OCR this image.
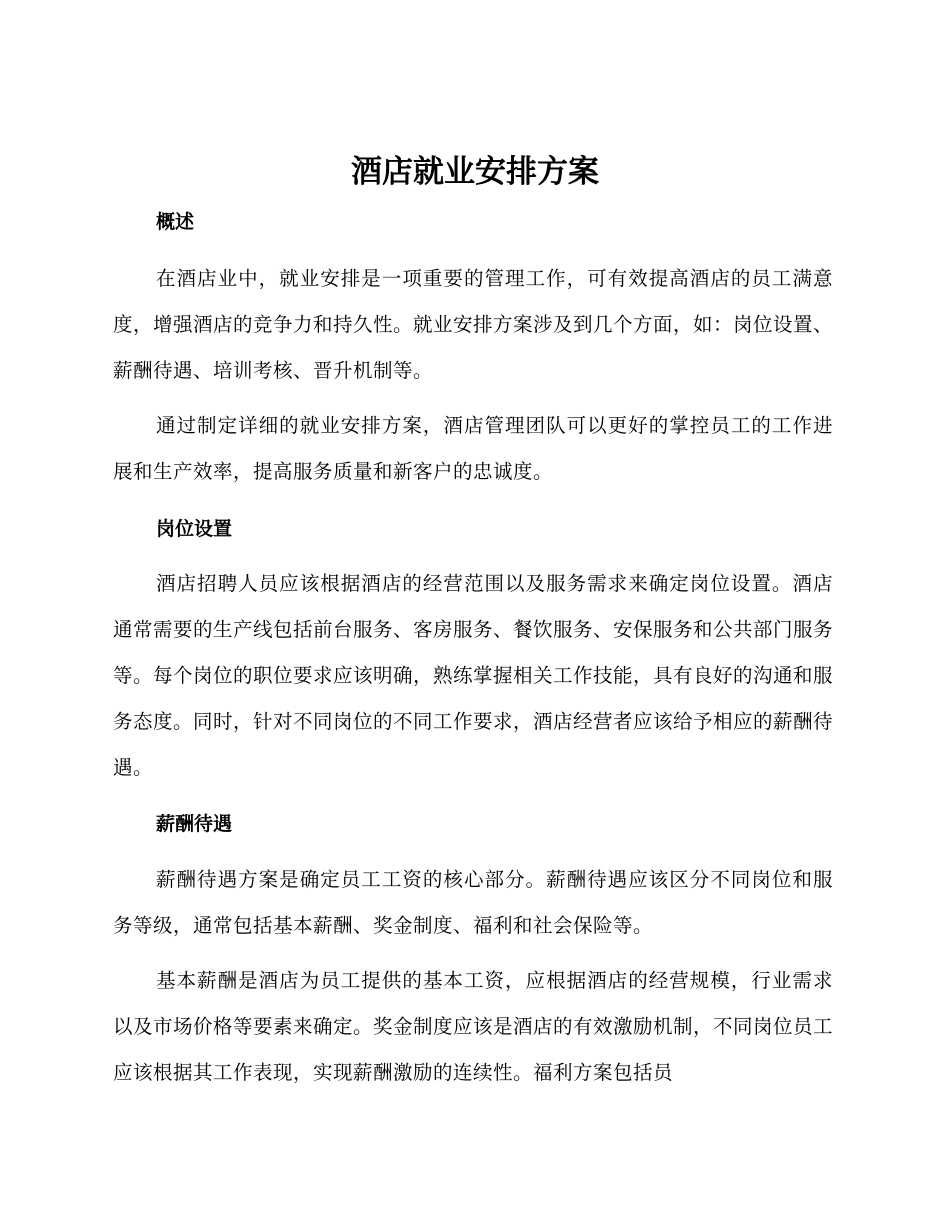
酒店就业安排方案
概述

在酒店业中，就业安排是一项重要的管理工作，可有效提高酒店的员工满意度，增强酒店的竞争力和持久性。就业安排方案涉及到几个方面，如：岗位设置、薪酬待遇、培训考核、晋升机制等。

通过制定详细的就业安排方案，酒店管理团队可以更好的掌控员工的工作进展和生产效率，提高服务质量和新客户的忠诚度。

岗位设置

酒店招聘人员应该根据酒店的经营范围以及服务需求来确定岗位设置。酒店通常需要的生产线包括前台服务、客房服务、餐饮服务、安保服务和公共部门服务等。每个岗位的职位要求应该明确，熟练掌握相关工作技能，具有良好的沟通和服务态度。同时，针对不同岗位的不同工作要求，酒店经营者应该给予相应的薪酬待遇。

薪酬待遇

薪酬待遇方案是确定员工工资的核心部分。薪酬待遇应该区分不同岗位和服务等级，通常包括基本薪酬、奖金制度、福利和社会保险等。

基本薪酬是酒店为员工提供的基本工资，应根据酒店的经营规模，行业需求以及市场价格等要素来确定。奖金制度应该是酒店的有效激励机制，不同岗位员工应该根据其工作表现，实现薪酬激励的连续性。福利方案包括员
